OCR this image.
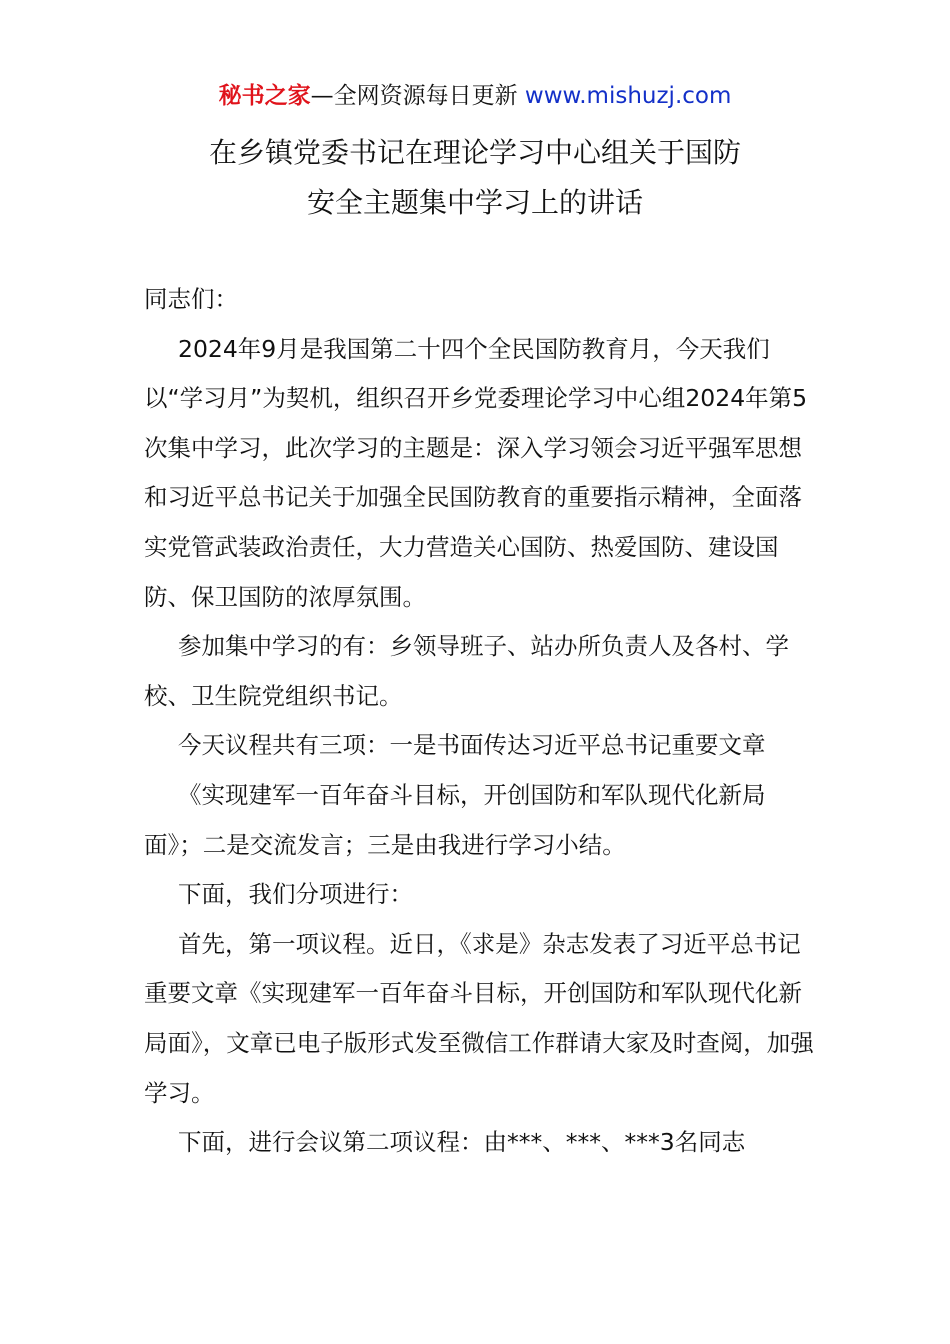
秘书之家—全网资源每日更新 www.mishuzj.com
在乡镇党委书记在理论学习中心组关于国防
安全主题集中学习上的讲话

同志们：

2024年9月是我国第二十四个全民国防教育月，今天我们以“学习月”为契机，组织召开乡党委理论学习中心组2024年第5次集中学习，此次学习的主题是：深入学习领会习近平强军思想和习近平总书记关于加强全民国防教育的重要指示精神，全面落实党管武装政治责任，大力营造关心国防、热爱国防、建设国防、保卫国防的浓厚氛围。

参加集中学习的有：乡领导班子、站办所负责人及各村、学校、卫生院党组织书记。

今天议程共有三项：一是书面传达习近平总书记重要文章

《实现建军一百年奋斗目标，开创国防和军队现代化新局面》；二是交流发言；三是由我进行学习小结。

下面，我们分项进行：

首先，第一项议程。近日，《求是》杂志发表了习近平总书记重要文章《实现建军一百年奋斗目标，开创国防和军队现代化新局面》，文章已电子版形式发至微信工作群请大家及时查阅，加强学习。

下面，进行会议第二项议程：由***、***、***3名同志
